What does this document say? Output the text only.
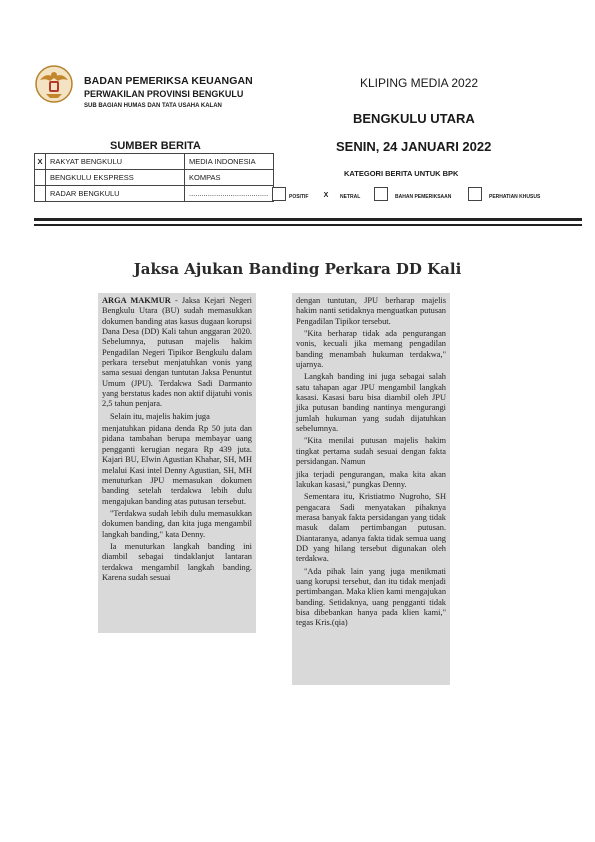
BADAN PEMERIKSA KEUANGAN
PERWAKILAN PROVINSI BENGKULU
SUB BAGIAN HUMAS DAN TATA USAHA KALAN
KLIPING MEDIA 2022
BENGKULU UTARA
SENIN, 24 JANUARI 2022
SUMBER BERITA
X	RAKYAT BENGKULU	MEDIA INDONESIA
	BENGKULU EKSPRESS	KOMPAS
	RADAR BENGKULU	......................................
KATEGORI BERITA UNTUK BPK
POSITIF	X	NETRAL	BAHAN PEMERIKSAAN	PERHATIAN KHUSUS
Jaksa Ajukan Banding Perkara DD Kali

ARGA MAKMUR - Jaksa Kejari Negeri Bengkulu Utara (BU) sudah memasukkan dokumen banding atas kasus dugaan korupsi Dana Desa (DD) Kali tahun anggaran 2020. Sebelumnya, putusan majelis hakim Pengadilan Negeri Tipikor Bengkulu dalam perkara tersebut menjatuhkan vonis yang sama sesuai dengan tuntutan Jaksa Penuntut Umum (JPU). Terdakwa Sadi Darmanto yang berstatus kades non aktif dijatuhi vonis 2,5 tahun penjara.

Selain itu, majelis hakim juga

menjatuhkan pidana denda Rp 50 juta dan pidana tambahan berupa membayar uang pengganti kerugian negara Rp 439 juta. Kajari BU, Elwin Agustian Khahar, SH, MH melalui Kasi intel Denny Agustian, SH, MH menuturkan JPU memasukan dokumen banding setelah terdakwa lebih dulu mengajukan banding atas putusan tersebut.

"Terdakwa sudah lebih dulu memasukkan dokumen banding, dan kita juga mengambil langkah banding," kata Denny.

Ia menuturkan langkah banding ini diambil sebagai tindaklanjut lantaran terdakwa mengambil langkah banding. Karena sudah sesuai

dengan tuntutan, JPU berharap majelis hakim nanti setidaknya menguatkan putusan Pengadilan Tipikor tersebut.

"Kita berharap tidak ada pengurangan vonis, kecuali jika memang pengadilan banding menambah hukuman terdakwa," ujarnya.

Langkah banding ini juga sebagai salah satu tahapan agar JPU mengambil langkah kasasi. Kasasi baru bisa diambil oleh JPU jika putusan banding nantinya mengurangi jumlah hukuman yang sudah dijatuhkan sebelumnya.

"Kita menilai putusan majelis hakim tingkat pertama sudah sesuai dengan fakta persidangan. Namun

jika terjadi pengurangan, maka kita akan lakukan kasasi," pungkas Denny.

Sementara itu, Kristiatmo Nugroho, SH pengacara Sadi menyatakan pihaknya merasa banyak fakta persidangan yang tidak masuk dalam pertimbangan putusan. Diantaranya, adanya fakta tidak semua uang DD yang hilang tersebut digunakan oleh terdakwa.

"Ada pihak lain yang juga menikmati uang korupsi tersebut, dan itu tidak menjadi pertimbangan. Maka klien kami mengajukan banding. Setidaknya, uang pengganti tidak bisa dibebankan hanya pada klien kami," tegas Kris.(qia)
